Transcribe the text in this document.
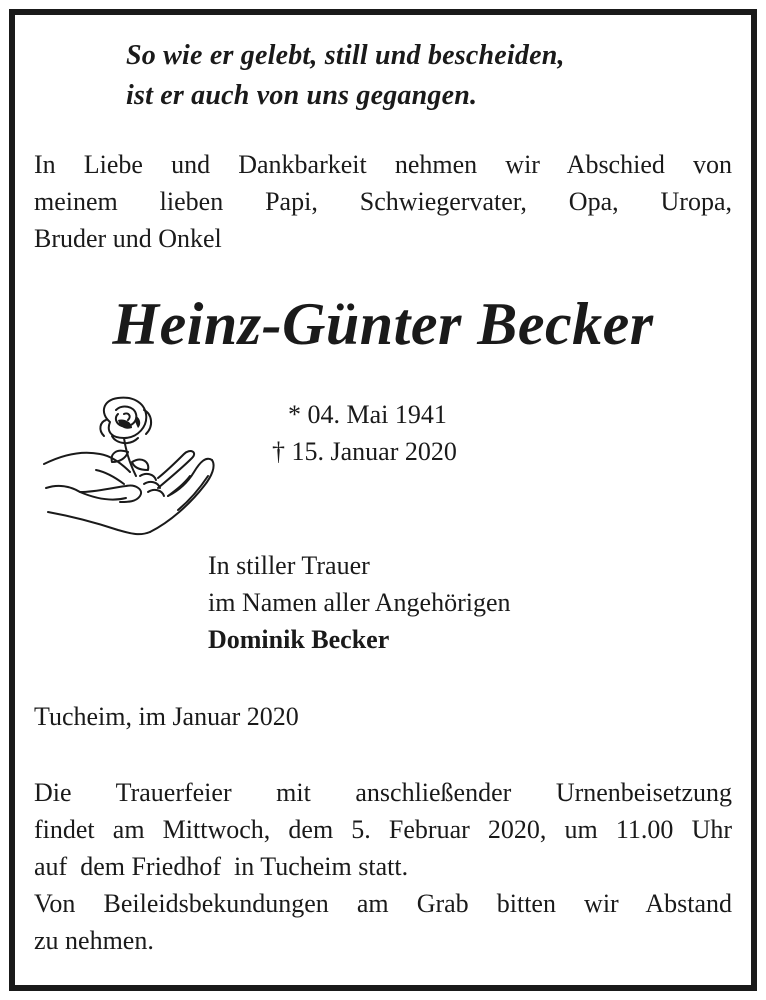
So wie er gelebt, still und bescheiden,
ist er auch von uns gegangen.
In Liebe und Dankbarkeit nehmen wir Abschied von
meinem lieben Papi, Schwiegervater, Opa, Uropa,
Bruder und Onkel
Heinz-Günter Becker
* 04. Mai 1941
† 15. Januar 2020
In stiller Trauer
im Namen aller Angehörigen
Dominik Becker
Tucheim, im Januar 2020
Die Trauerfeier mit anschließender Urnenbeisetzung
findet am Mittwoch, dem 5. Februar 2020, um 11.00 Uhr
auf  dem Friedhof  in Tucheim statt.
Von Beileidsbekundungen am Grab bitten wir Abstand
zu nehmen.
